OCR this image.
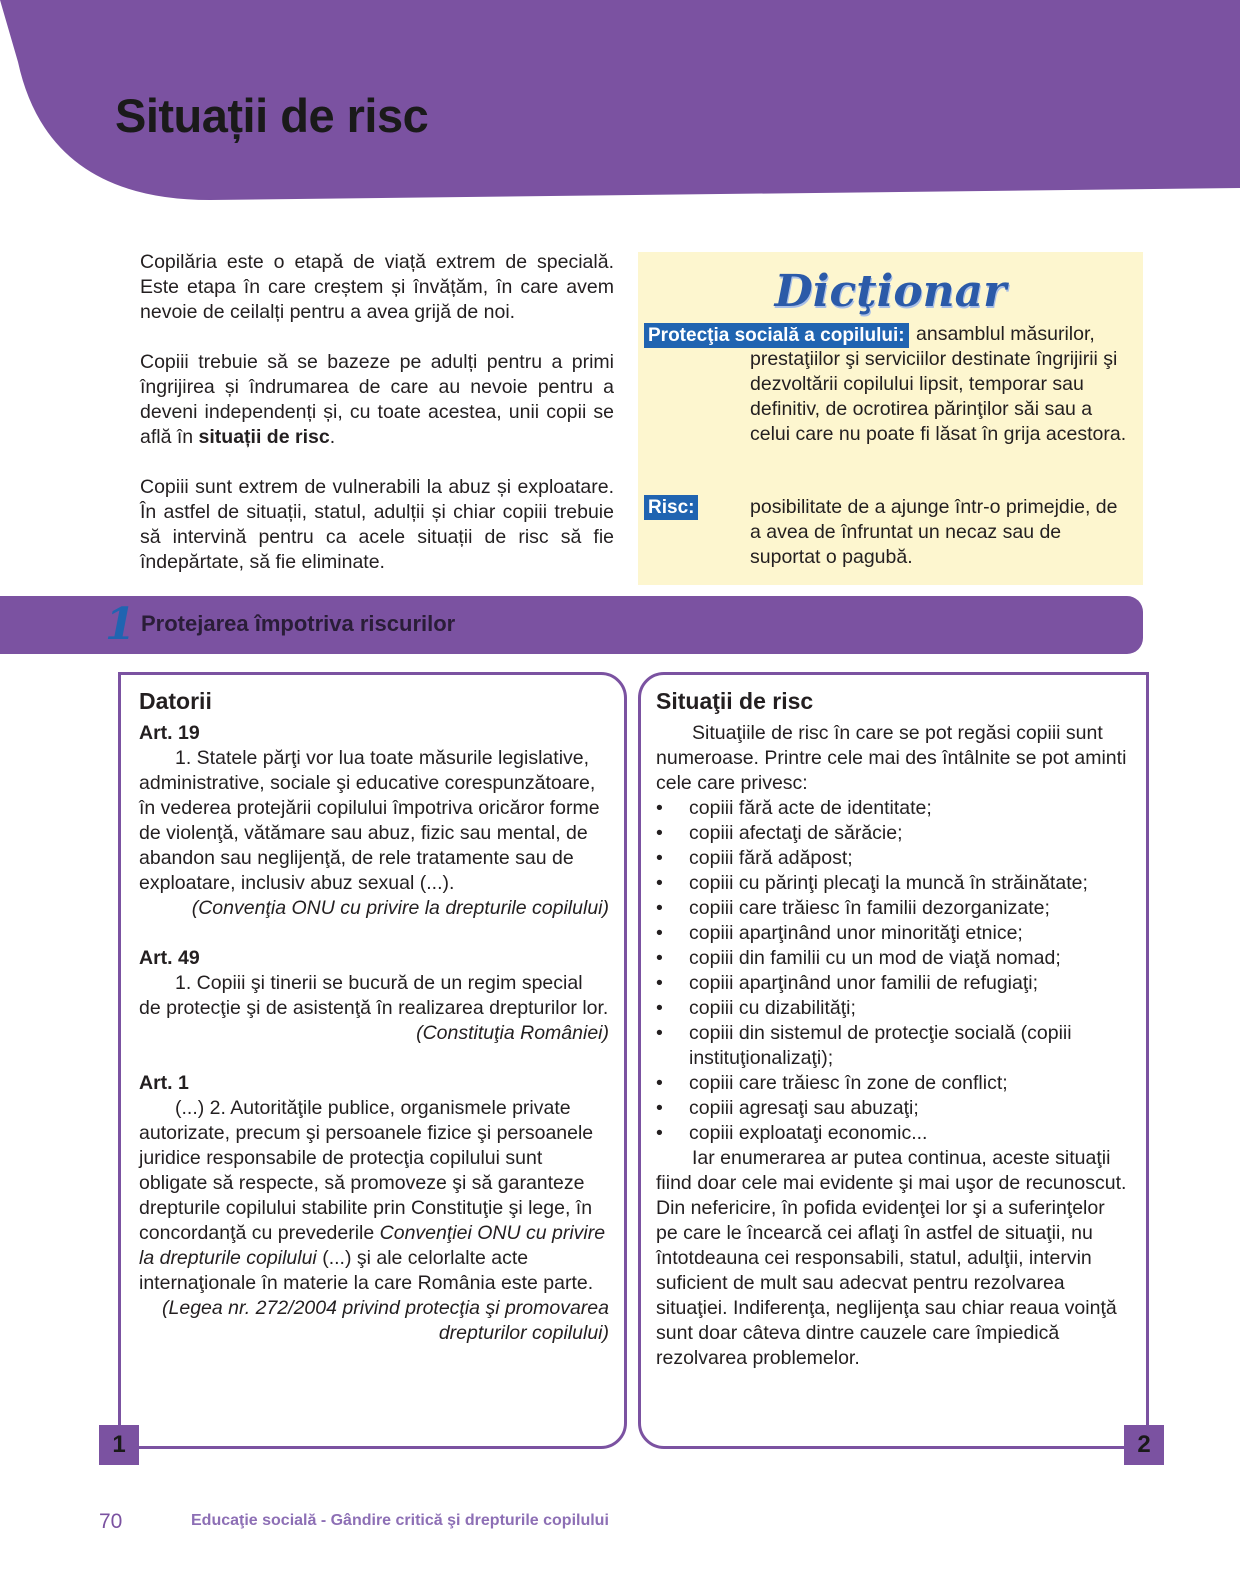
Situații de risc

Copilăria este o etapă de viață extrem de specială. Este etapa în care creștem și învățăm, în care avem nevoie de ceilalți pentru a avea grijă de noi.

Copiii trebuie să se bazeze pe adulți pentru a primi îngrijirea și îndrumarea de care au nevoie pentru a deveni independenți și, cu toate acestea, unii copii se află în situații de risc.

Copiii sunt extrem de vulnerabili la abuz și exploatare. În astfel de situații, statul, adulții și chiar copiii trebuie să intervină pentru ca acele situații de risc să fie îndepărtate, să fie eliminate.

Dicţionar
Protecţia socială a copilului: ansamblul măsurilor,
prestaţiilor şi serviciilor destinate îngrijirii şi dezvoltării copilului lipsit, temporar sau definitiv, de ocrotirea părinţilor săi sau a celui care nu poate fi lăsat în grija acestora.
Risc:	posibilitate de a ajunge într-o primejdie, de a avea de înfruntat un necaz sau de suportat o pagubă.
1 Protejarea împotriva riscurilor
Datorii

Art. 19

1. Statele părţi vor lua toate măsurile legislative, administrative, sociale şi educative corespunzătoare, în vederea protejării copilului împotriva oricăror forme de violenţă, vătămare sau abuz, fizic sau mental, de abandon sau neglijenţă, de rele tratamente sau de exploatare, inclusiv abuz sexual (...).

(Convenţia ONU cu privire la drepturile copilului)

Art. 49

1. Copiii şi tinerii se bucură de un regim special de protecţie şi de asistenţă în realizarea drepturilor lor.

(Constituţia României)

Art. 1

(...) 2. Autorităţile publice, organismele private autorizate, precum şi persoanele fizice şi persoanele juridice responsabile de protecţia copilului sunt obligate să respecte, să promoveze şi să garanteze drepturile copilului stabilite prin Constituţie şi lege, în concordanţă cu prevederile Convenţiei ONU cu privire la drepturile copilului (...) şi ale celorlalte acte internaţionale în materie la care România este parte.

(Legea nr. 272/2004 privind protecţia şi promovarea drepturilor copilului)

Situaţii de risc

Situaţiile de risc în care se pot regăsi copiii sunt numeroase. Printre cele mai des întâlnite se pot aminti cele care privesc:

• copiii fără acte de identitate;
• copiii afectaţi de sărăcie;
• copiii fără adăpost;
• copiii cu părinţi plecaţi la muncă în străinătate;
• copiii care trăiesc în familii dezorganizate;
• copiii aparţinând unor minorităţi etnice;
• copiii din familii cu un mod de viaţă nomad;
• copiii aparţinând unor familii de refugiaţi;
• copiii cu dizabilităţi;
• copiii din sistemul de protecţie socială (copiii instituţionalizaţi);
• copiii care trăiesc în zone de conflict;
• copiii agresaţi sau abuzaţi;
• copiii exploataţi economic...

Iar enumerarea ar putea continua, aceste situaţii fiind doar cele mai evidente şi mai uşor de recunoscut. Din nefericire, în pofida evidenţei lor şi a suferinţelor pe care le încearcă cei aflaţi în astfel de situaţii, nu întotdeauna cei responsabili, statul, adulţii, intervin suficient de mult sau adecvat pentru rezolvarea situaţiei. Indiferenţa, neglijenţa sau chiar reaua voinţă sunt doar câteva dintre cauzele care împiedică rezolvarea problemelor.

1	2
70	Educaţie socială - Gândire critică şi drepturile copilului
